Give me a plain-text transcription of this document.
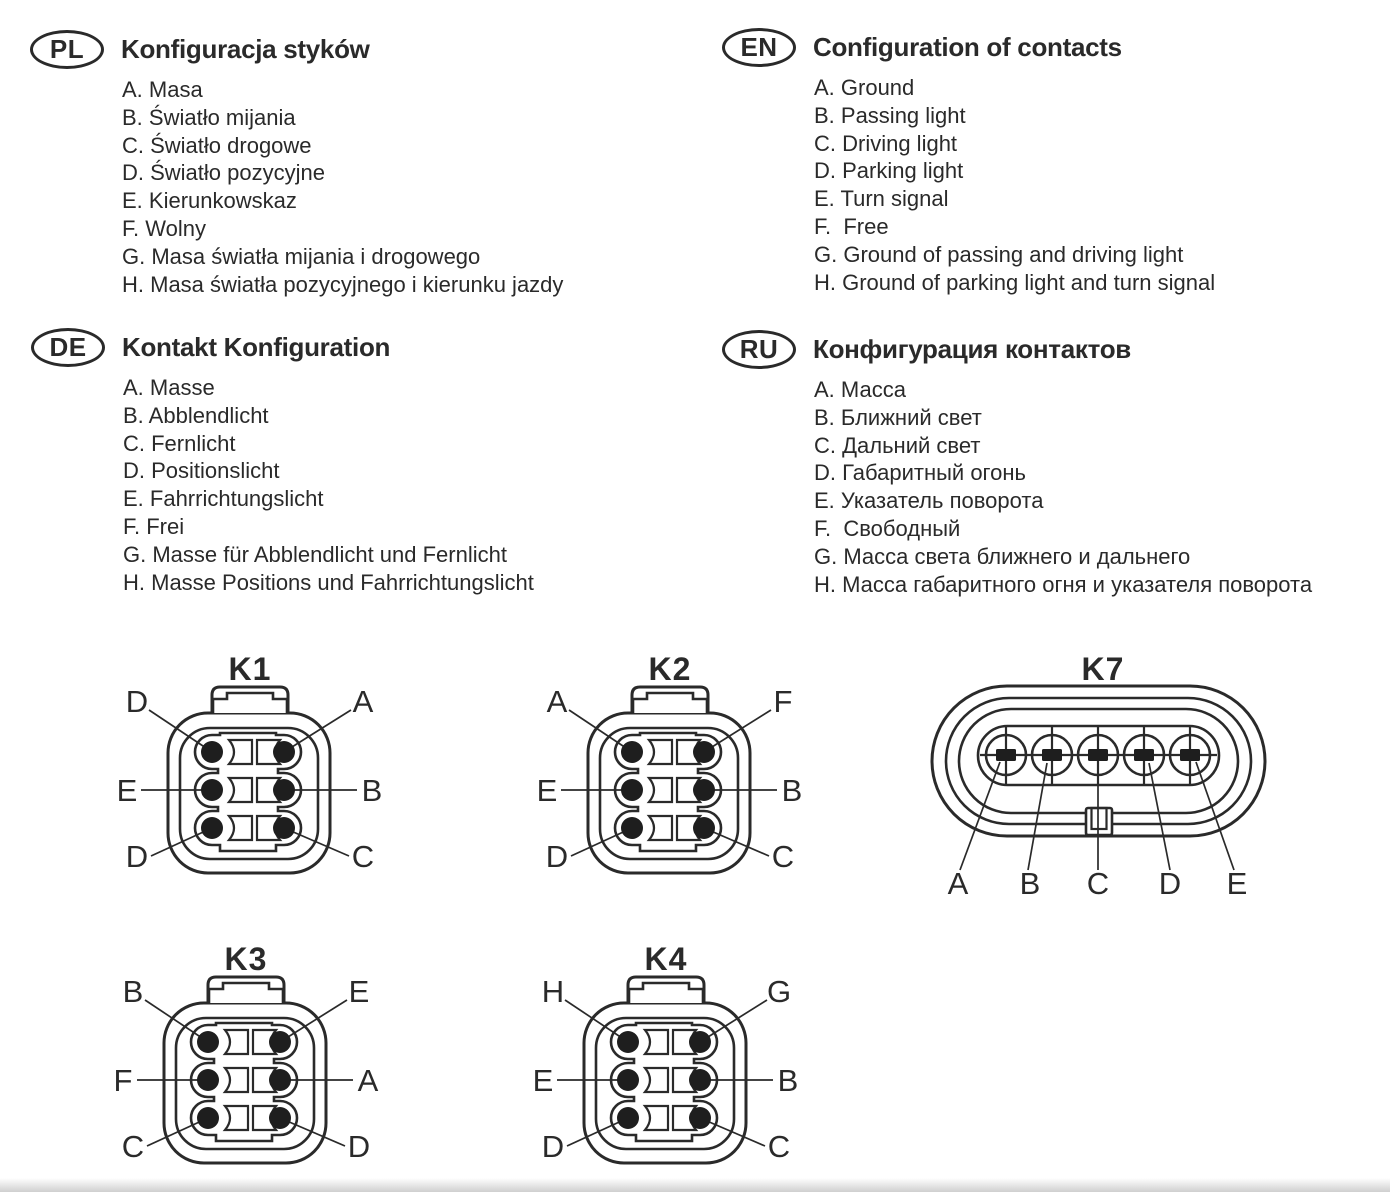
PL	Konfiguracja styków
A. Masa
B. Światło mijania
C. Światło drogowe
D. Światło pozycyjne
E. Kierunkowskaz
F. Wolny
G. Masa światła mijania i drogowego
H. Masa światła pozycyjnego i kierunku jazdy
EN	Configuration of contacts
A. Ground
B. Passing light
C. Driving light
D. Parking light
E. Turn signal
F.  Free
G. Ground of passing and driving light
H. Ground of parking light and turn signal
DE	Kontakt Konfiguration
A. Masse
B. Abblendlicht
C. Fernlicht
D. Positionslicht
E. Fahrrichtungslicht
F. Frei
G. Masse für Abblendlicht und Fernlicht
H. Masse Positions und Fahrrichtungslicht
RU	Конфигурация контактов
A. Масса
B. Ближний свет
C. Дальний свет
D. Габаритный огонь
E. Указатель поворота
F.  Свободный
G. Масса света ближнего и дальнего
H. Масса габаритного огня и указателя поворота
K1
D	A
E	B
D	C
K2
A	F
E	B
D	C
K3
B	E
F	A
C	D
K4
H	G
E	B
D	C
K7
A B C D E
